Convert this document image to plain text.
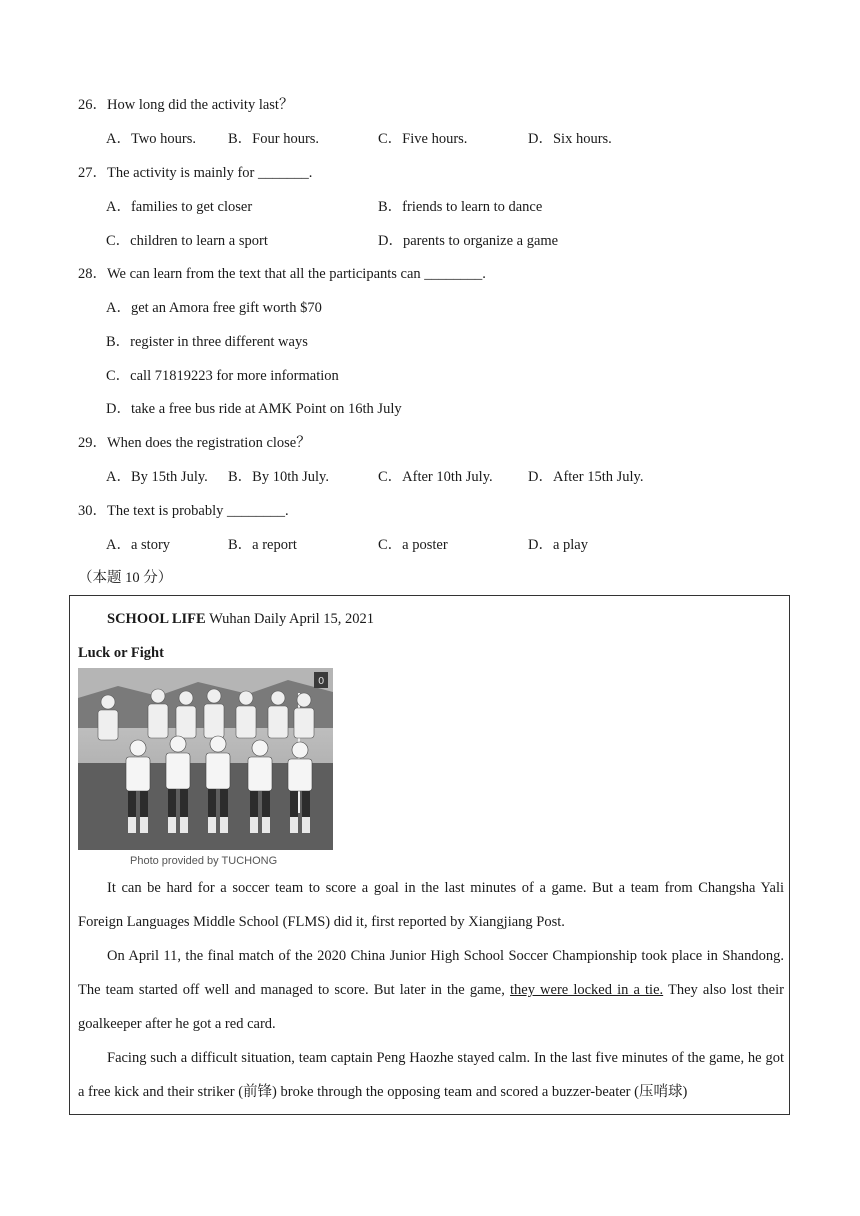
26．How long did the activity last？
A．Two hours. B．Four hours.	C．Five hours.	D．Six hours.
27．The activity is mainly for _______.
A．families to get closer	B．friends to learn to dance
C．children to learn a sport	D．parents to organize a game
28．We can learn from the text that all the participants can ________.
A．get an Amora free gift worth $70
B．register in three different ways
C．call 71819223 for more information
D．take a free bus ride at AMK Point on 16th July
29．When does the registration close？
A．By 15th July. B．By 10th July.	C．After 10th July. D．After 15th July.
30．The text is probably ________.
A．a story	B．a report	C．a poster	D．a play
（本题 10 分）
SCHOOL LIFE Wuhan Daily April 15, 2021
Luck or Fight
0
Photo provided by TUCHONG
It can be hard for a soccer team to score a goal in the last minutes of a game. But a team from Changsha Yali Foreign Languages Middle School (FLMS) did it, first reported by Xiangjiang Post.
On April 11, the final match of the 2020 China Junior High School Soccer Championship took place in Shandong. The team started off well and managed to score. But later in the game, they were locked in a tie. They also lost their goalkeeper after he got a red card.
Facing such a difficult situation, team captain Peng Haozhe stayed calm. In the last five minutes of the game, he got a free kick and their striker (前锋) broke through the opposing team and scored a buzzer-beater (压哨球)
